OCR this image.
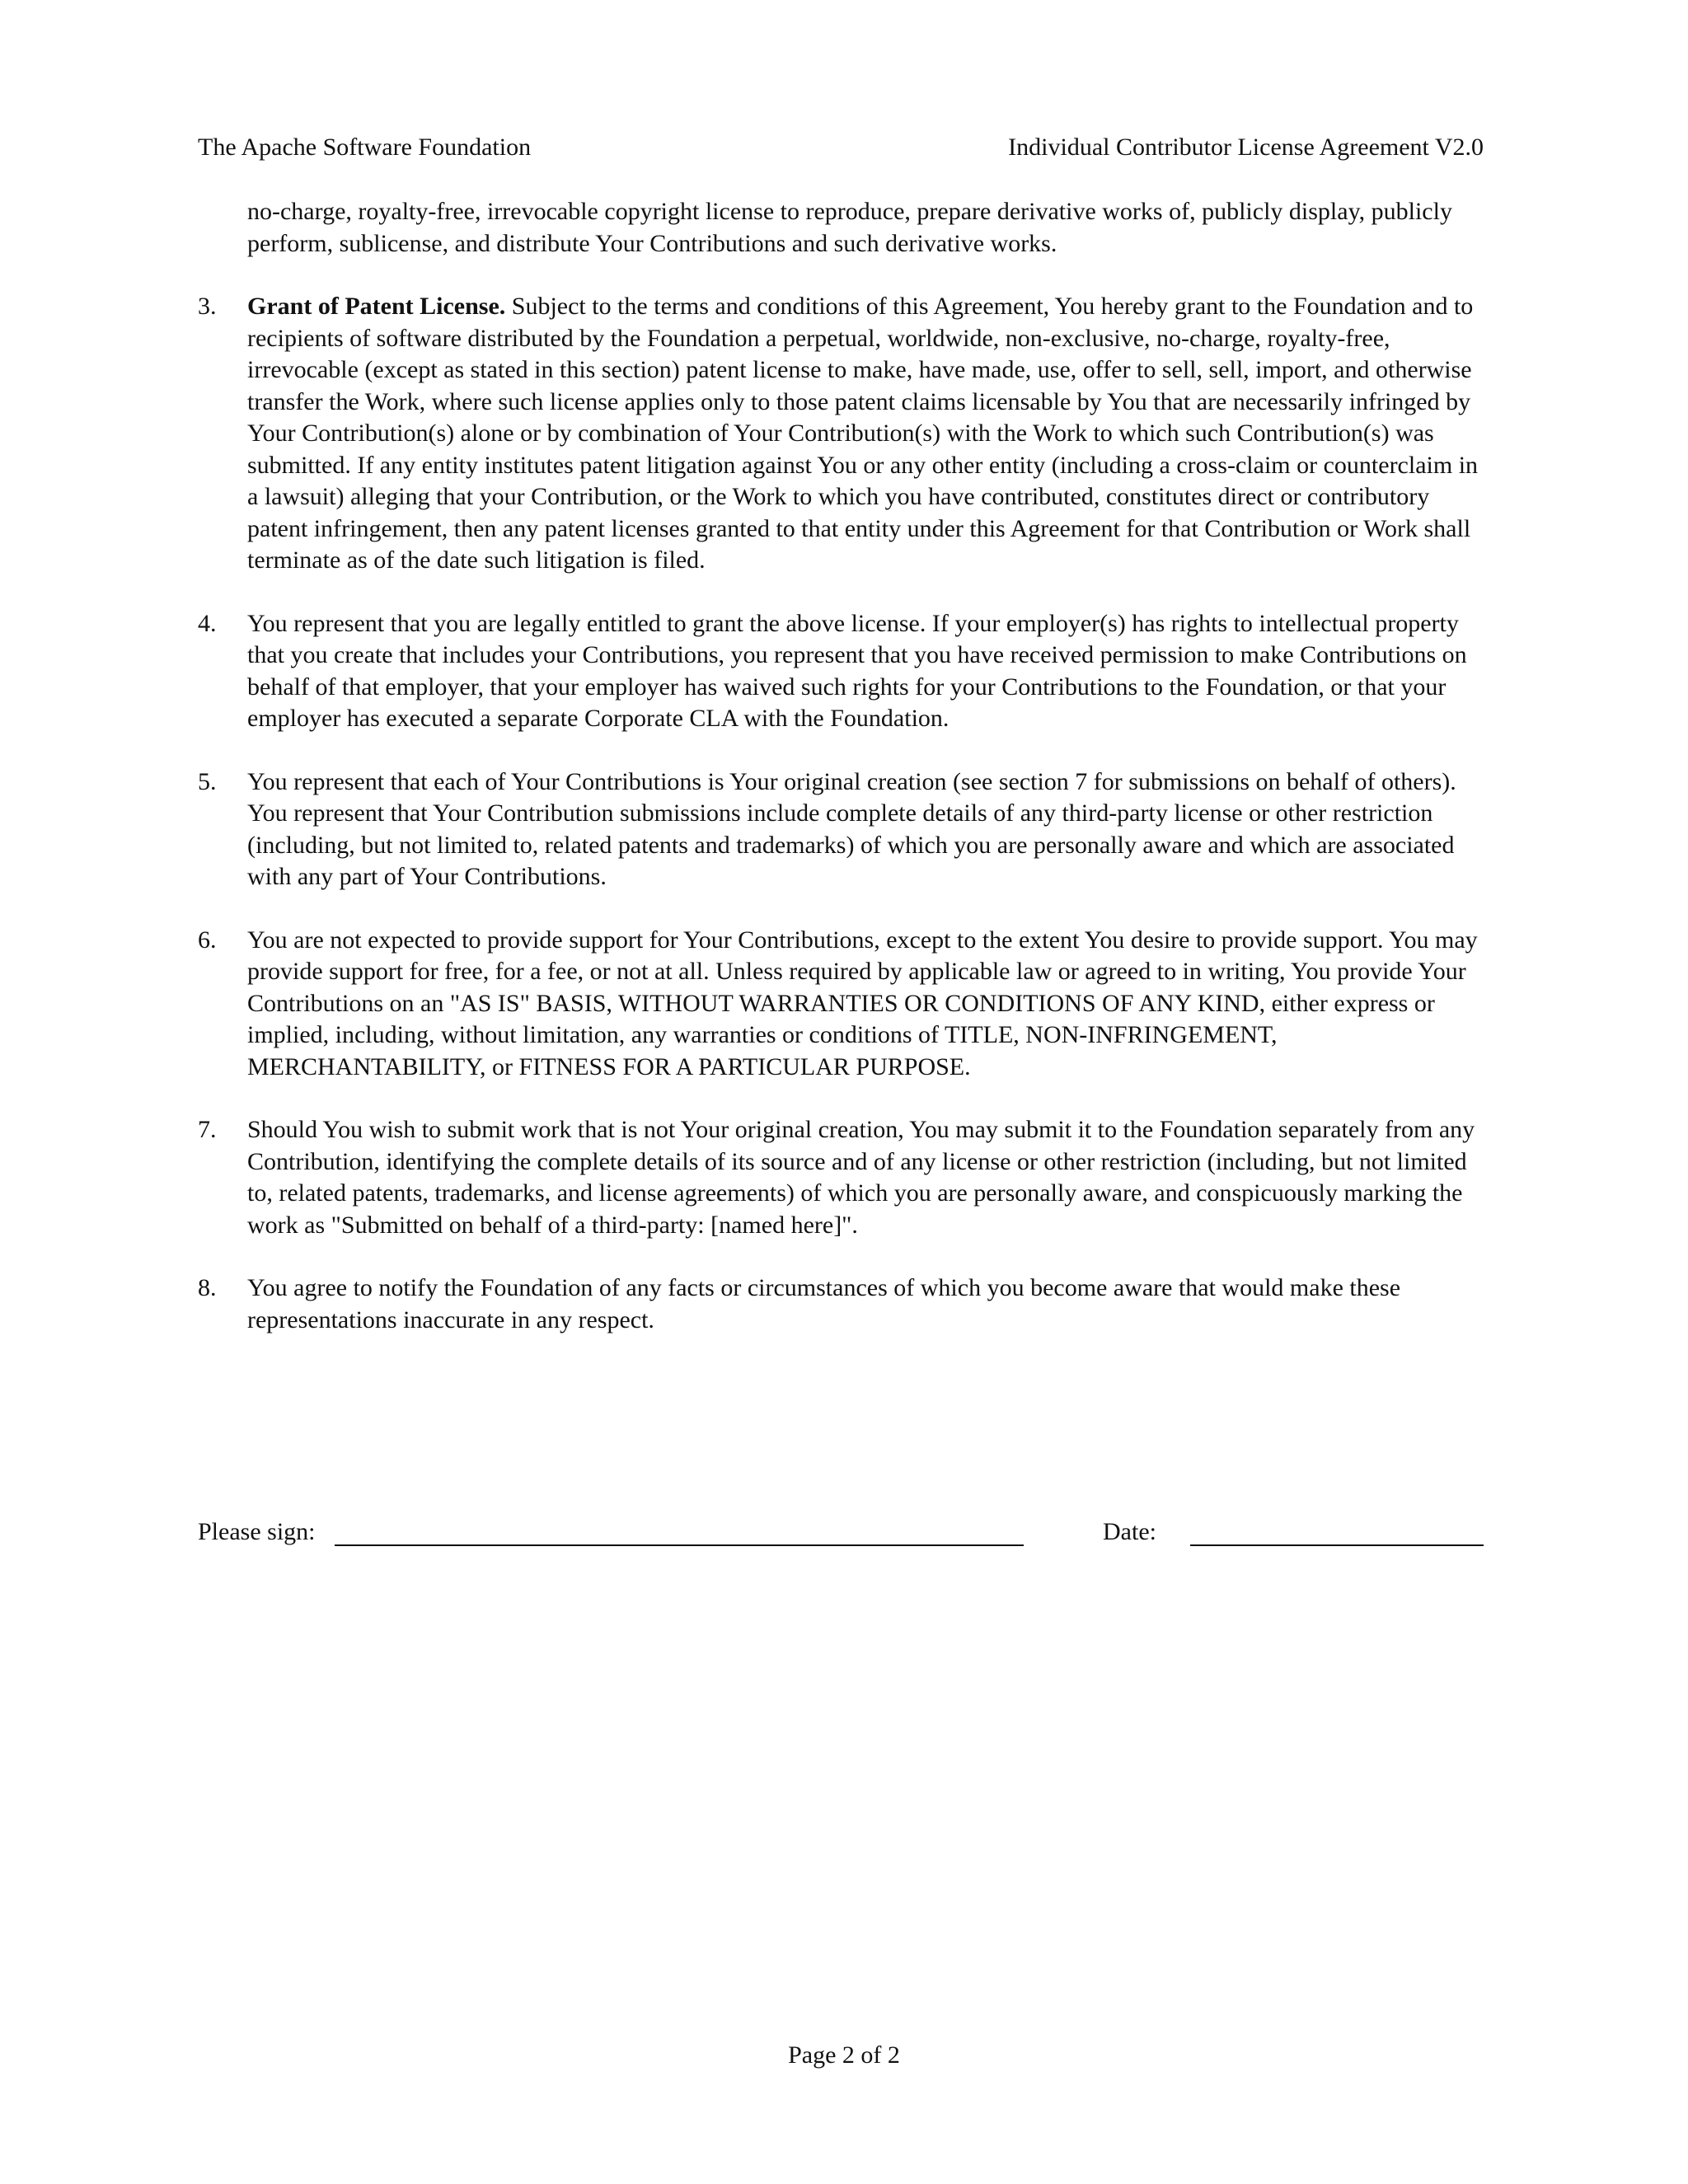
The Apache Software Foundation	Individual Contributor License Agreement V2.0
no-charge, royalty-free, irrevocable copyright license to reproduce, prepare derivative works of, publicly display, publicly perform, sublicense, and distribute Your Contributions and such derivative works.
3.	Grant of Patent License. Subject to the terms and conditions of this Agreement, You hereby grant to the Foundation and to recipients of software distributed by the Foundation a perpetual, worldwide, non-exclusive, no-charge, royalty-free, irrevocable (except as stated in this section) patent license to make, have made, use, offer to sell, sell, import, and otherwise transfer the Work, where such license applies only to those patent claims licensable by You that are necessarily infringed by Your Contribution(s) alone or by combination of Your Contribution(s) with the Work to which such Contribution(s) was submitted. If any entity institutes patent litigation against You or any other entity (including a cross-claim or counterclaim in a lawsuit) alleging that your Contribution, or the Work to which you have contributed, constitutes direct or contributory patent infringement, then any patent licenses granted to that entity under this Agreement for that Contribution or Work shall terminate as of the date such litigation is filed.
4.	You represent that you are legally entitled to grant the above license. If your employer(s) has rights to intellectual property that you create that includes your Contributions, you represent that you have received permission to make Contributions on behalf of that employer, that your employer has waived such rights for your Contributions to the Foundation, or that your employer has executed a separate Corporate CLA with the Foundation.
5.	You represent that each of Your Contributions is Your original creation (see section 7 for submissions on behalf of others). You represent that Your Contribution submissions include complete details of any third-party license or other restriction (including, but not limited to, related patents and trademarks) of which you are personally aware and which are associated with any part of Your Contributions.
6.	You are not expected to provide support for Your Contributions, except to the extent You desire to provide support. You may provide support for free, for a fee, or not at all. Unless required by applicable law or agreed to in writing, You provide Your Contributions on an "AS IS" BASIS, WITHOUT WARRANTIES OR CONDITIONS OF ANY KIND, either express or implied, including, without limitation, any warranties or conditions of TITLE, NON-INFRINGEMENT, MERCHANTABILITY, or FITNESS FOR A PARTICULAR PURPOSE.
7.	Should You wish to submit work that is not Your original creation, You may submit it to the Foundation separately from any Contribution, identifying the complete details of its source and of any license or other restriction (including, but not limited to, related patents, trademarks, and license agreements) of which you are personally aware, and conspicuously marking the work as "Submitted on behalf of a third-party: [named here]".
8.	You agree to notify the Foundation of any facts or circumstances of which you become aware that would make these representations inaccurate in any respect.
Please sign:	Date:
Page 2 of 2
